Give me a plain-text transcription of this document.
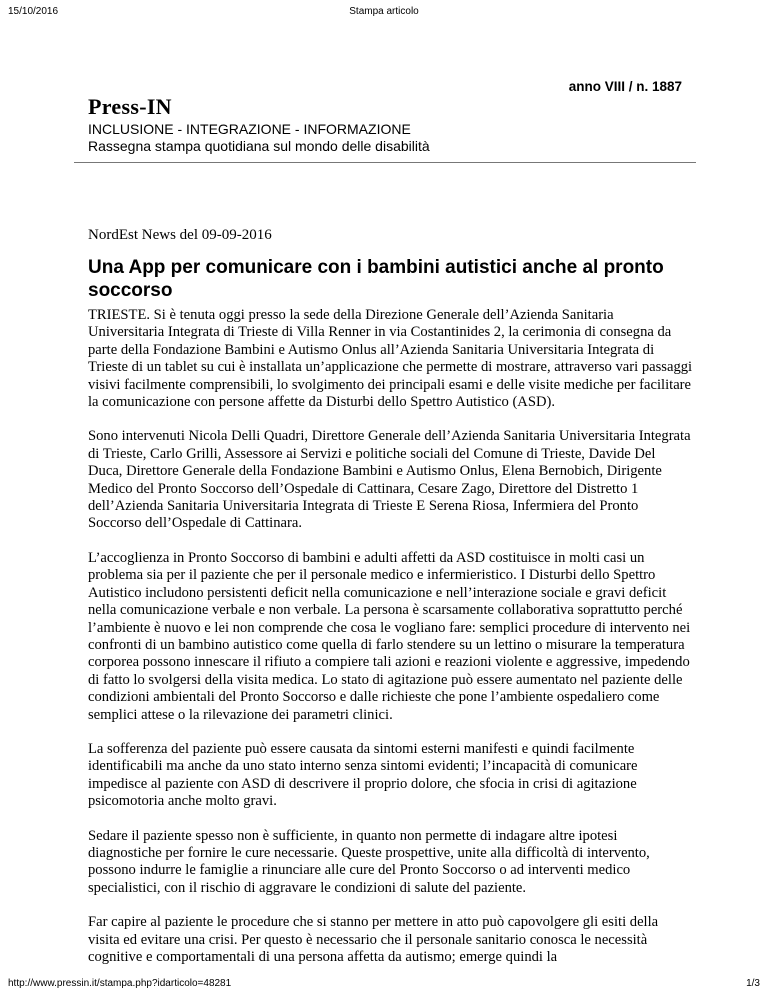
15/10/2016	Stampa articolo
anno VIII / n. 1887
Press-IN
INCLUSIONE - INTEGRAZIONE - INFORMAZIONE
Rassegna stampa quotidiana sul mondo delle disabilità
NordEst News del 09-09-2016
Una App per comunicare con i bambini autistici anche al pronto soccorso

TRIESTE. Si è tenuta oggi presso la sede della Direzione Generale dell’Azienda Sanitaria Universitaria Integrata di Trieste di Villa Renner in via Costantinides 2, la cerimonia di consegna da parte della Fondazione Bambini e Autismo Onlus all’Azienda Sanitaria Universitaria Integrata di Trieste di un tablet su cui è installata un’applicazione che permette di mostrare, attraverso vari passaggi visivi facilmente comprensibili, lo svolgimento dei principali esami e delle visite mediche per facilitare la comunicazione con persone affette da Disturbi dello Spettro Autistico (ASD).

Sono intervenuti Nicola Delli Quadri, Direttore Generale dell’Azienda Sanitaria Universitaria Integrata di Trieste, Carlo Grilli, Assessore ai Servizi e politiche sociali del Comune di Trieste, Davide Del Duca, Direttore Generale della Fondazione Bambini e Autismo Onlus, Elena Bernobich, Dirigente Medico del Pronto Soccorso dell’Ospedale di Cattinara, Cesare Zago, Direttore del Distretto 1 dell’Azienda Sanitaria Universitaria Integrata di Trieste E Serena Riosa, Infermiera del Pronto Soccorso dell’Ospedale di Cattinara.

L’accoglienza in Pronto Soccorso di bambini e adulti affetti da ASD costituisce in molti casi un problema sia per il paziente che per il personale medico e infermieristico. I Disturbi dello Spettro Autistico includono persistenti deficit nella comunicazione e nell’interazione sociale e gravi deficit nella comunicazione verbale e non verbale. La persona è scarsamente collaborativa soprattutto perché l’ambiente è nuovo e lei non comprende che cosa le vogliano fare: semplici procedure di intervento nei confronti di un bambino autistico come quella di farlo stendere su un lettino o misurare la temperatura corporea possono innescare il rifiuto a compiere tali azioni e reazioni violente e aggressive, impedendo di fatto lo svolgersi della visita medica. Lo stato di agitazione può essere aumentato nel paziente delle condizioni ambientali del Pronto Soccorso e dalle richieste che pone l’ambiente ospedaliero come semplici attese o la rilevazione dei parametri clinici.

La sofferenza del paziente può essere causata da sintomi esterni manifesti e quindi facilmente identificabili ma anche da uno stato interno senza sintomi evidenti; l’incapacità di comunicare impedisce al paziente con ASD di descrivere il proprio dolore, che sfocia in crisi di agitazione psicomotoria anche molto gravi.

Sedare il paziente spesso non è sufficiente, in quanto non permette di indagare altre ipotesi diagnostiche per fornire le cure necessarie. Queste prospettive, unite alla difficoltà di intervento, possono indurre le famiglie a rinunciare alle cure del Pronto Soccorso o ad interventi medico specialistici, con il rischio di aggravare le condizioni di salute del paziente.

Far capire al paziente le procedure che si stanno per mettere in atto può capovolgere gli esiti della visita ed evitare una crisi. Per questo è necessario che il personale sanitario conosca le necessità cognitive e comportamentali di una persona affetta da autismo; emerge quindi la

http://www.pressin.it/stampa.php?idarticolo=48281	1/3
